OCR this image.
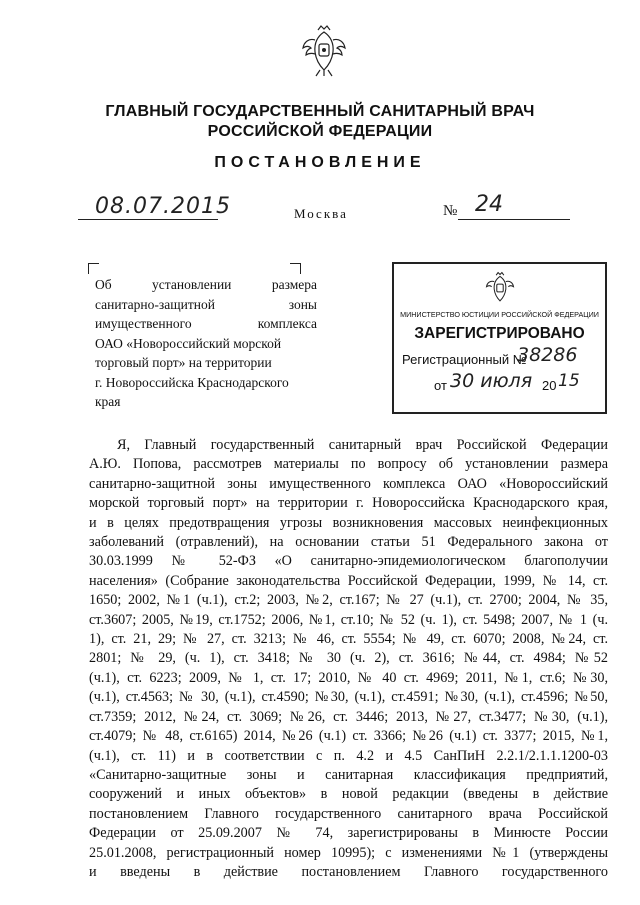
ГЛАВНЫЙ ГОСУДАРСТВЕННЫЙ САНИТАРНЫЙ ВРАЧ
РОССИЙСКОЙ ФЕДЕРАЦИИ
ПОСТАНОВЛЕНИЕ
08.07.2015	Москва	№ 24
Об установлении размера
санитарно-защитной зоны
имущественного комплекса
ОАО «Новороссийский морской
торговый порт» на территории
г. Новороссийска Краснодарского
края
МИНИСТЕРСТВО ЮСТИЦИИ РОССИЙСКОЙ ФЕДЕРАЦИИ
ЗАРЕГИСТРИРОВАНО
Регистрационный №
38286
от 30 июля 20 15
Я, Главный государственный санитарный врач Российской Федерации
А.Ю. Попова, рассмотрев материалы по вопросу об установлении размера
санитарно-защитной зоны имущественного комплекса ОАО «Новороссийский
морской торговый порт» на территории г. Новороссийска Краснодарского края,
и в целях предотвращения угрозы возникновения массовых неинфекционных
заболеваний (отравлений), на основании статьи 51 Федерального закона от
30.03.1999 № 52-ФЗ «О санитарно-эпидемиологическом благополучии
населения» (Собрание законодательства Российской Федерации, 1999, № 14, ст.
1650; 2002, №1 (ч.1), ст.2; 2003, №2, ст.167; № 27 (ч.1), ст. 2700; 2004, № 35,
ст.3607; 2005, №19, ст.1752; 2006, №1, ст.10; № 52 (ч. 1), ст. 5498; 2007, № 1 (ч.
1), ст. 21, 29; № 27, ст. 3213; № 46, ст. 5554; № 49, ст. 6070; 2008, №24, ст.
2801; № 29, (ч. 1), ст. 3418; № 30 (ч. 2), ст. 3616; №44, ст. 4984; №52
(ч.1), ст. 6223; 2009, № 1, ст. 17; 2010, № 40 ст. 4969; 2011, №1, ст.6; №30,
(ч.1), ст.4563; № 30, (ч.1), ст.4590; №30, (ч.1), ст.4591; №30, (ч.1), ст.4596; №50,
ст.7359; 2012, №24, ст. 3069; №26, ст. 3446; 2013, №27, ст.3477; №30, (ч.1),
ст.4079; № 48, ст.6165) 2014, №26 (ч.1) ст. 3366; №26 (ч.1) ст. 3377; 2015, №1,
(ч.1), ст. 11) и в соответствии с п. 4.2 и 4.5 СанПиН 2.2.1/2.1.1.1200-03
«Санитарно-защитные зоны и санитарная классификация предприятий,
сооружений и иных объектов» в новой редакции (введены в действие
постановлением Главного государственного санитарного врача Российской
Федерации от 25.09.2007 № 74, зарегистрированы в Минюсте России
25.01.2008, регистрационный номер 10995); с изменениями №1 (утверждены
и введены в действие постановлением Главного государственного
